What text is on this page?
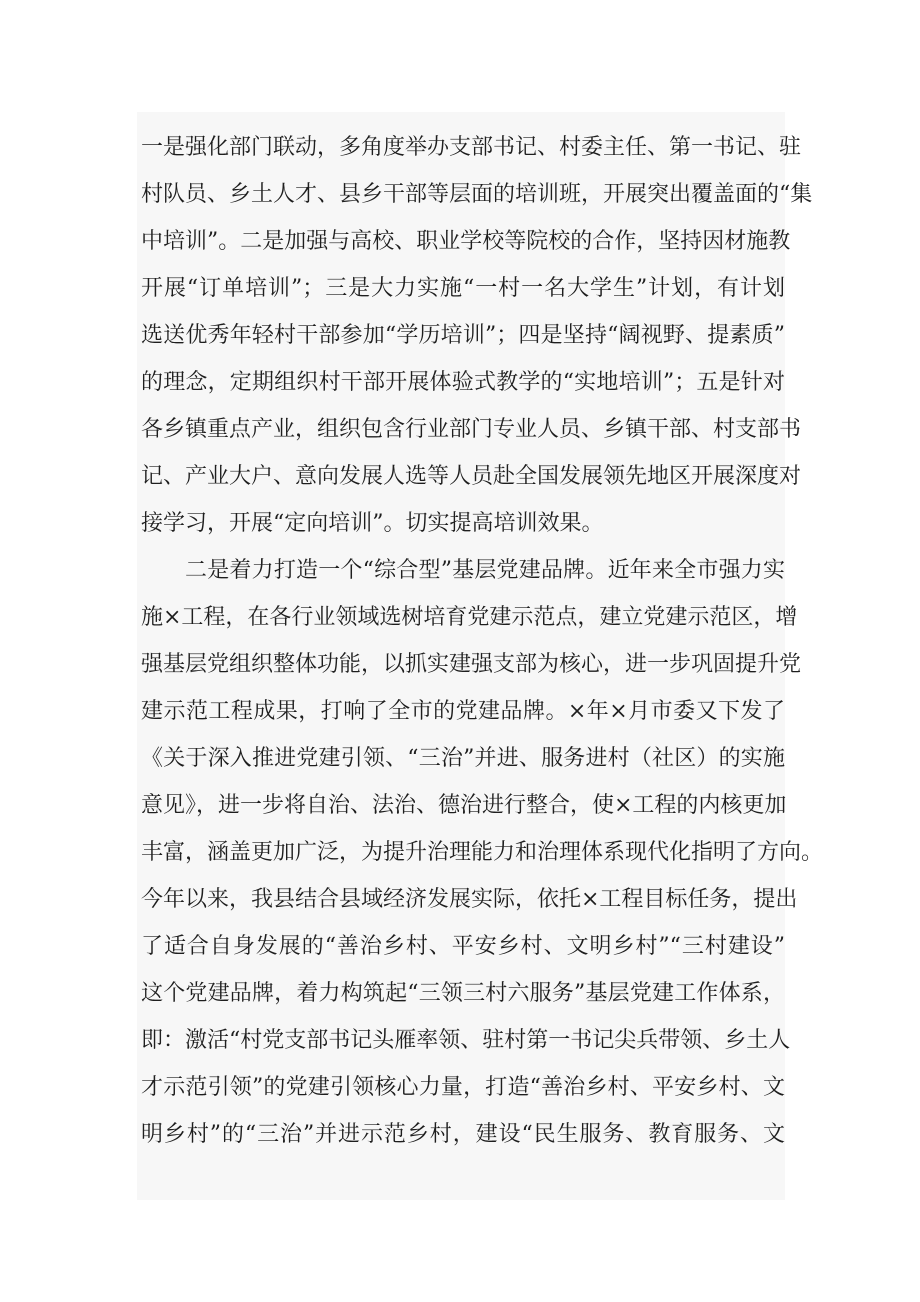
一是强化部门联动，多角度举办支部书记、村委主任、第一书记、驻
村队员、乡土人才、县乡干部等层面的培训班，开展突出覆盖面的“集
中培训”。二是加强与高校、职业学校等院校的合作，坚持因材施教
开展“订单培训”；三是大力实施“一村一名大学生”计划，有计划
选送优秀年轻村干部参加“学历培训”；四是坚持“阔视野、提素质”
的理念，定期组织村干部开展体验式教学的“实地培训”；五是针对
各乡镇重点产业，组织包含行业部门专业人员、乡镇干部、村支部书
记、产业大户、意向发展人选等人员赴全国发展领先地区开展深度对
接学习，开展“定向培训”。切实提高培训效果。
二是着力打造一个“综合型”基层党建品牌。近年来全市强力实
施×工程，在各行业领域选树培育党建示范点，建立党建示范区，增
强基层党组织整体功能，以抓实建强支部为核心，进一步巩固提升党
建示范工程成果，打响了全市的党建品牌。×年×月市委又下发了
《关于深入推进党建引领、“三治”并进、服务进村（社区）的实施
意见》，进一步将自治、法治、德治进行整合，使×工程的内核更加
丰富，涵盖更加广泛，为提升治理能力和治理体系现代化指明了方向。
今年以来，我县结合县域经济发展实际，依托×工程目标任务，提出
了适合自身发展的“善治乡村、平安乡村、文明乡村”“三村建设”
这个党建品牌，着力构筑起“三领三村六服务”基层党建工作体系，
即：激活“村党支部书记头雁率领、驻村第一书记尖兵带领、乡土人
才示范引领”的党建引领核心力量，打造“善治乡村、平安乡村、文
明乡村”的“三治”并进示范乡村，建设“民生服务、教育服务、文
